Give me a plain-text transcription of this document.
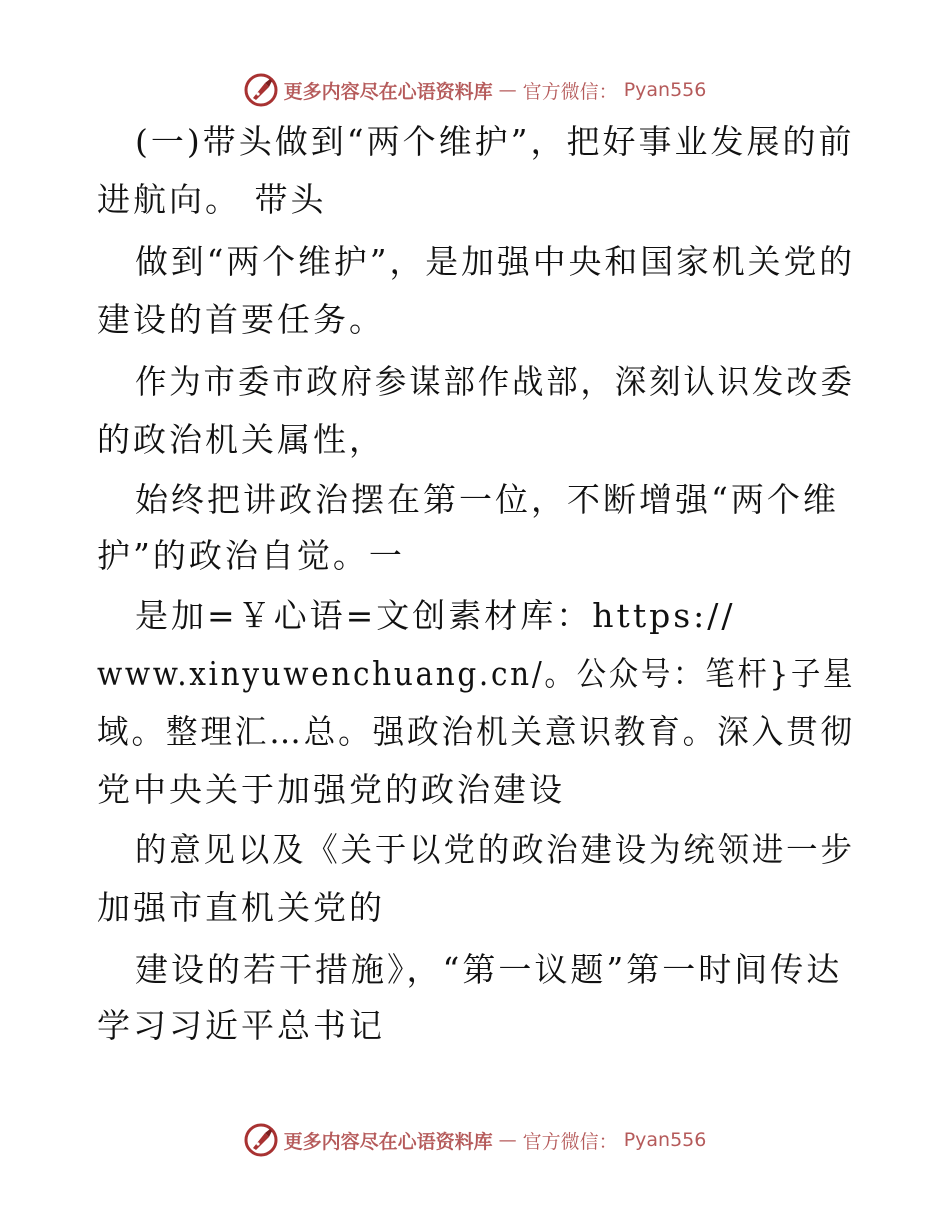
更多内容尽在心语资料库 — 官方微信： Pyan556
(一)带头做到“两个维护”，把好事业发展的前
进航向。 带头
做到“两个维护”，是加强中央和国家机关党的
建设的首要任务。
作为市委市政府参谋部作战部，深刻认识发改委
的政治机关属性，
始终把讲政治摆在第一位，不断增强“两个维
护”的政治自觉。一
是加=￥心语=文创素材库：https://
www.xinyuwenchuang.cn/。公众号：笔杆}子星
域。整理汇…总。强政治机关意识教育。深入贯彻
党中央关于加强党的政治建设
的意见以及《关于以党的政治建设为统领进一步
加强市直机关党的
建设的若干措施》，“第一议题”第一时间传达
学习习近平总书记
更多内容尽在心语资料库 — 官方微信： Pyan556
